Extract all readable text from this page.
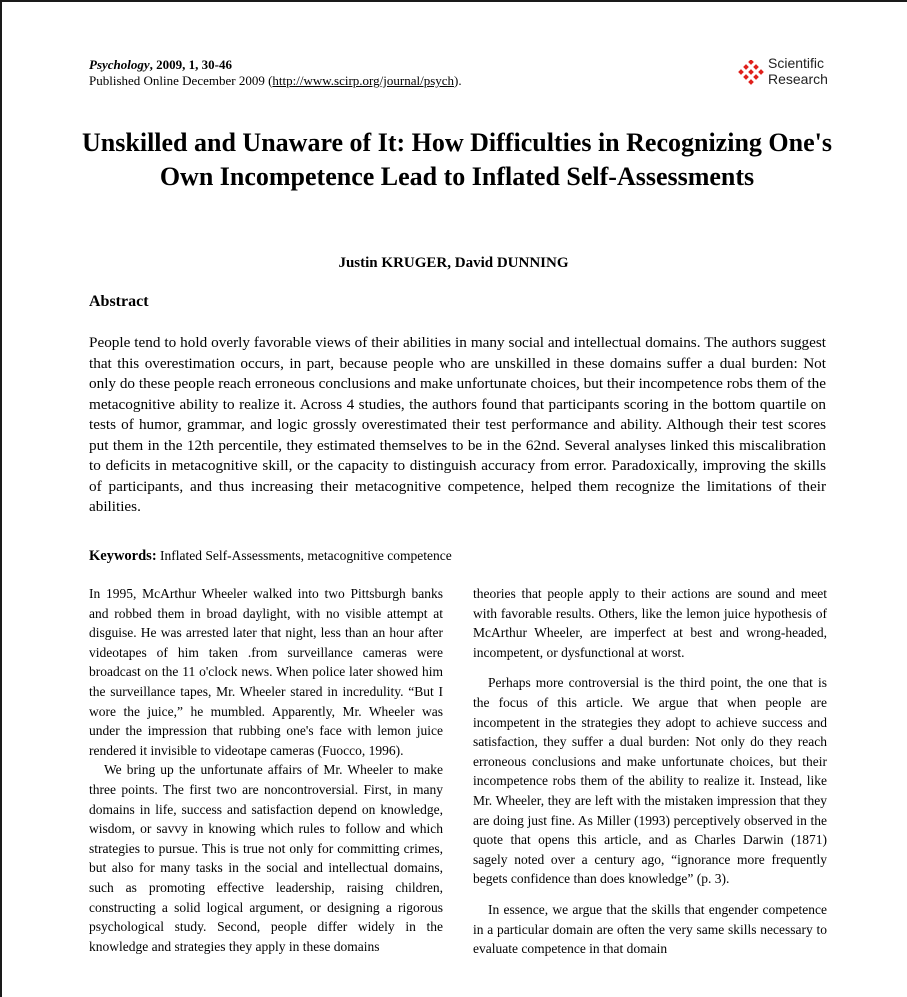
Psychology, 2009, 1, 30-46
Published Online December 2009 (http://www.scirp.org/journal/psych).
Scientific
Research
Unskilled and Unaware of It: How Difficulties in Recognizing One's Own Incompetence Lead to Inflated Self-Assessments
Justin KRUGER, David DUNNING
Abstract

People tend to hold overly favorable views of their abilities in many social and intellectual domains. The authors suggest that this overestimation occurs, in part, because people who are unskilled in these domains suffer a dual burden: Not only do these people reach erroneous conclusions and make unfortunate choices, but their incompetence robs them of the metacognitive ability to realize it. Across 4 studies, the authors found that participants scoring in the bottom quartile on tests of humor, grammar, and logic grossly overestimated their test performance and ability. Although their test scores put them in the 12th percentile, they estimated themselves to be in the 62nd. Several analyses linked this miscalibration to deficits in metacognitive skill, or the capacity to distinguish accuracy from error. Paradoxically, improving the skills of participants, and thus increasing their metacognitive competence, helped them recognize the limitations of their abilities.

Keywords: Inflated Self-Assessments, metacognitive competence

In 1995, McArthur Wheeler walked into two Pittsburgh banks and robbed them in broad daylight, with no visible attempt at disguise. He was arrested later that night, less than an hour after videotapes of him taken .from surveillance cameras were broadcast on the 11 o'clock news. When police later showed him the surveillance tapes, Mr. Wheeler stared in incredulity. “But I wore the juice,” he mumbled. Apparently, Mr. Wheeler was under the impression that rubbing one's face with lemon juice rendered it invisible to videotape cameras (Fuocco, 1996).

We bring up the unfortunate affairs of Mr. Wheeler to make three points. The first two are noncontroversial. First, in many domains in life, success and satisfaction depend on knowledge, wisdom, or savvy in knowing which rules to follow and which strategies to pursue. This is true not only for committing crimes, but also for many tasks in the social and intellectual domains, such as promoting effective leadership, raising children, constructing a solid logical argument, or designing a rigorous psychological study. Second, people differ widely in the knowledge and strategies they apply in these domains

theories that people apply to their actions are sound and meet with favorable results. Others, like the lemon juice hypothesis of McArthur Wheeler, are imperfect at best and wrong-headed, incompetent, or dysfunctional at worst.

Perhaps more controversial is the third point, the one that is the focus of this article. We argue that when people are incompetent in the strategies they adopt to achieve success and satisfaction, they suffer a dual burden: Not only do they reach erroneous conclusions and make unfortunate choices, but their incompetence robs them of the ability to realize it. Instead, like Mr. Wheeler, they are left with the mistaken impression that they are doing just fine. As Miller (1993) perceptively observed in the quote that opens this article, and as Charles Darwin (1871) sagely noted over a century ago, “ignorance more frequently begets confidence than does knowledge” (p. 3).

In essence, we argue that the skills that engender competence in a particular domain are often the very same skills necessary to evaluate competence in that domain
